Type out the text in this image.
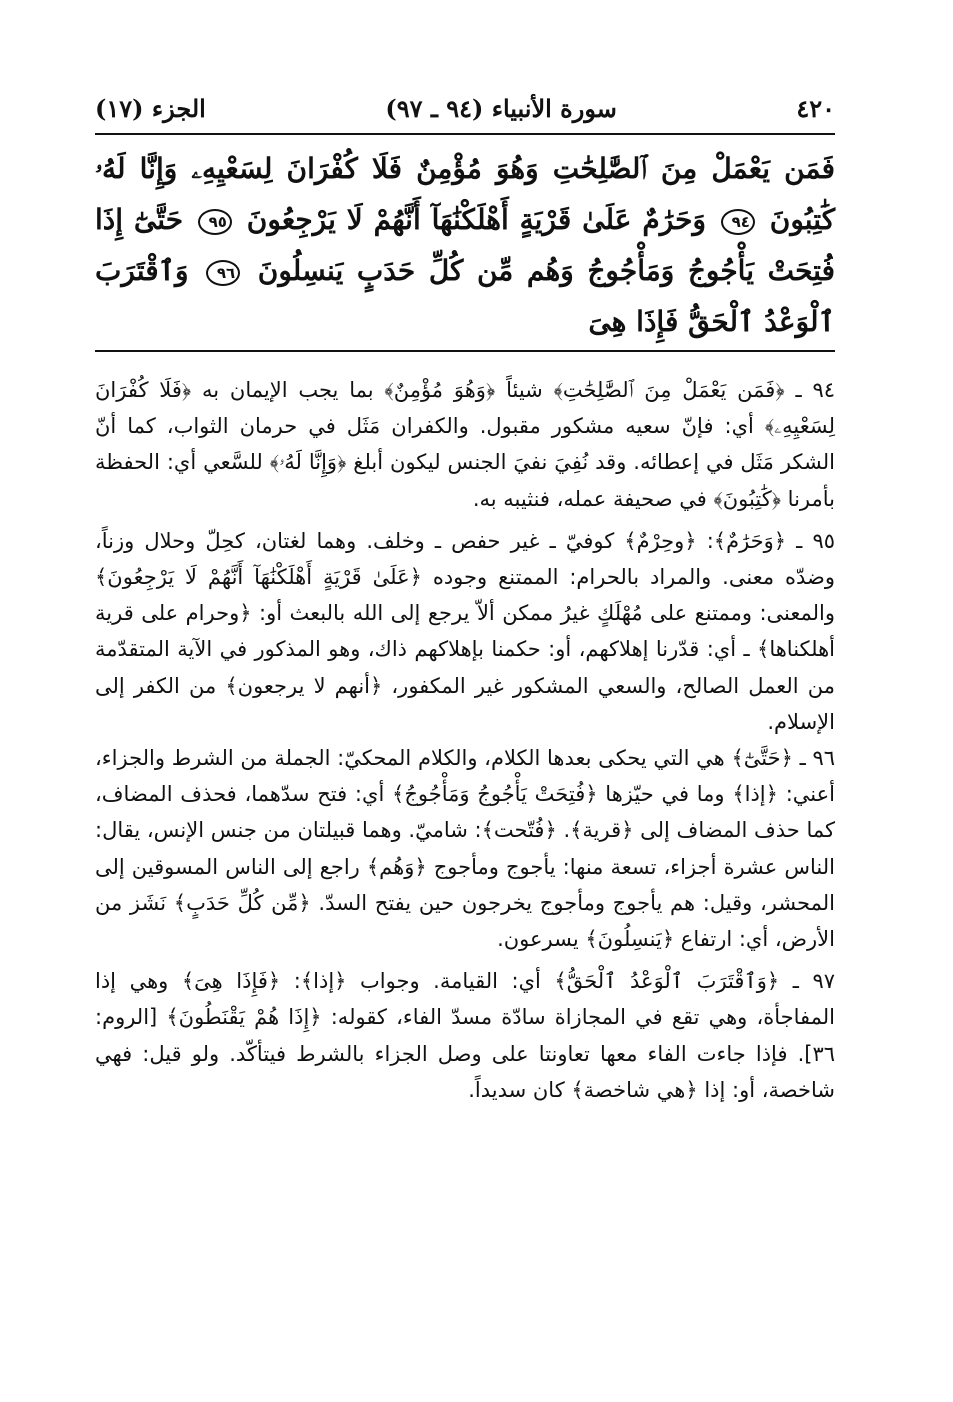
٤٢٠
سورة الأنبياء (٩٤ ـ ٩٧)
الجزء (١٧)
فَمَن يَعْمَلْ مِنَ ٱلصَّٰلِحَٰتِ وَهُوَ مُؤْمِنٌ فَلَا كُفْرَانَ لِسَعْيِهِۦ وَإِنَّا لَهُۥ كَٰتِبُونَ ٩٤ وَحَرَٰمٌ عَلَىٰ قَرْيَةٍ أَهْلَكْنَٰهَآ أَنَّهُمْ لَا يَرْجِعُونَ ٩٥ حَتَّىٰٓ إِذَا فُتِحَتْ يَأْجُوجُ وَمَأْجُوجُ وَهُم مِّن كُلِّ حَدَبٍ يَنسِلُونَ ٩٦ وَٱقْتَرَبَ ٱلْوَعْدُ ٱلْحَقُّ فَإِذَا هِىَ

٩٤ ـ ﴿فَمَن يَعْمَلْ مِنَ ٱلصَّٰلِحَٰتِ﴾ شيئاً ﴿وَهُوَ مُؤْمِنٌ﴾ بما يجب الإيمان به ﴿فَلَا كُفْرَانَ لِسَعْيِهِۦ﴾ أي: فإنّ سعيه مشكور مقبول. والكفران مَثَل في حرمان الثواب، كما أنّ الشكر مَثَل في إعطائه. وقد نُفِيَ نفيَ الجنس ليكون أبلغ ﴿وَإِنَّا لَهُۥ﴾ للسَّعي أي: الحفظة بأمرنا ﴿كَٰتِبُونَ﴾ في صحيفة عمله، فنثيبه به.

٩٥ ـ ﴿وَحَرَٰمٌ﴾: ﴿وحِرْمٌ﴾ كوفيّ ـ غير حفص ـ وخلف. وهما لغتان، كحِلّ وحلال وزناً، وضدّه معنى. والمراد بالحرام: الممتنع وجوده ﴿عَلَىٰ قَرْيَةٍ أَهْلَكْنَٰهَآ أَنَّهُمْ لَا يَرْجِعُونَ﴾ والمعنى: وممتنع على مُهْلَكٍ غيرُ ممكن ألاّ يرجع إلى الله بالبعث أو: ﴿وحرام على قرية أهلكناها﴾ ـ أي: قدّرنا إهلاكهم، أو: حكمنا بإهلاكهم ذاك، وهو المذكور في الآية المتقدّمة من العمل الصالح، والسعي المشكور غير المكفور، ﴿أنهم لا يرجعون﴾ من الكفر إلى الإسلام.

٩٦ ـ ﴿حَتَّىٰٓ﴾ هي التي يحكى بعدها الكلام، والكلام المحكيّ: الجملة من الشرط والجزاء، أعني: ﴿إذا﴾ وما في حيّزها ﴿فُتِحَتْ يَأْجُوجُ وَمَأْجُوجُ﴾ أي: فتح سدّهما، فحذف المضاف، كما حذف المضاف إلى ﴿قرية﴾. ﴿فُتّحت﴾: شاميّ. وهما قبيلتان من جنس الإنس، يقال: الناس عشرة أجزاء، تسعة منها: يأجوج ومأجوج ﴿وَهُم﴾ راجع إلى الناس المسوقين إلى المحشر، وقيل: هم يأجوج ومأجوج يخرجون حين يفتح السدّ. ﴿مِّن كُلِّ حَدَبٍ﴾ نَشَز من الأرض، أي: ارتفاع ﴿يَنسِلُونَ﴾ يسرعون.

٩٧ ـ ﴿وَٱقْتَرَبَ ٱلْوَعْدُ ٱلْحَقُّ﴾ أي: القيامة. وجواب ﴿إذا﴾: ﴿فَإِذَا هِىَ﴾ وهي إذا المفاجأة، وهي تقع في المجازاة سادّة مسدّ الفاء، كقوله: ﴿إِذَا هُمْ يَقْنَطُونَ﴾ [الروم: ٣٦]. فإذا جاءت الفاء معها تعاونتا على وصل الجزاء بالشرط فيتأكّد. ولو قيل: فهي شاخصة، أو: إذا ﴿هي شاخصة﴾ كان سديداً.
